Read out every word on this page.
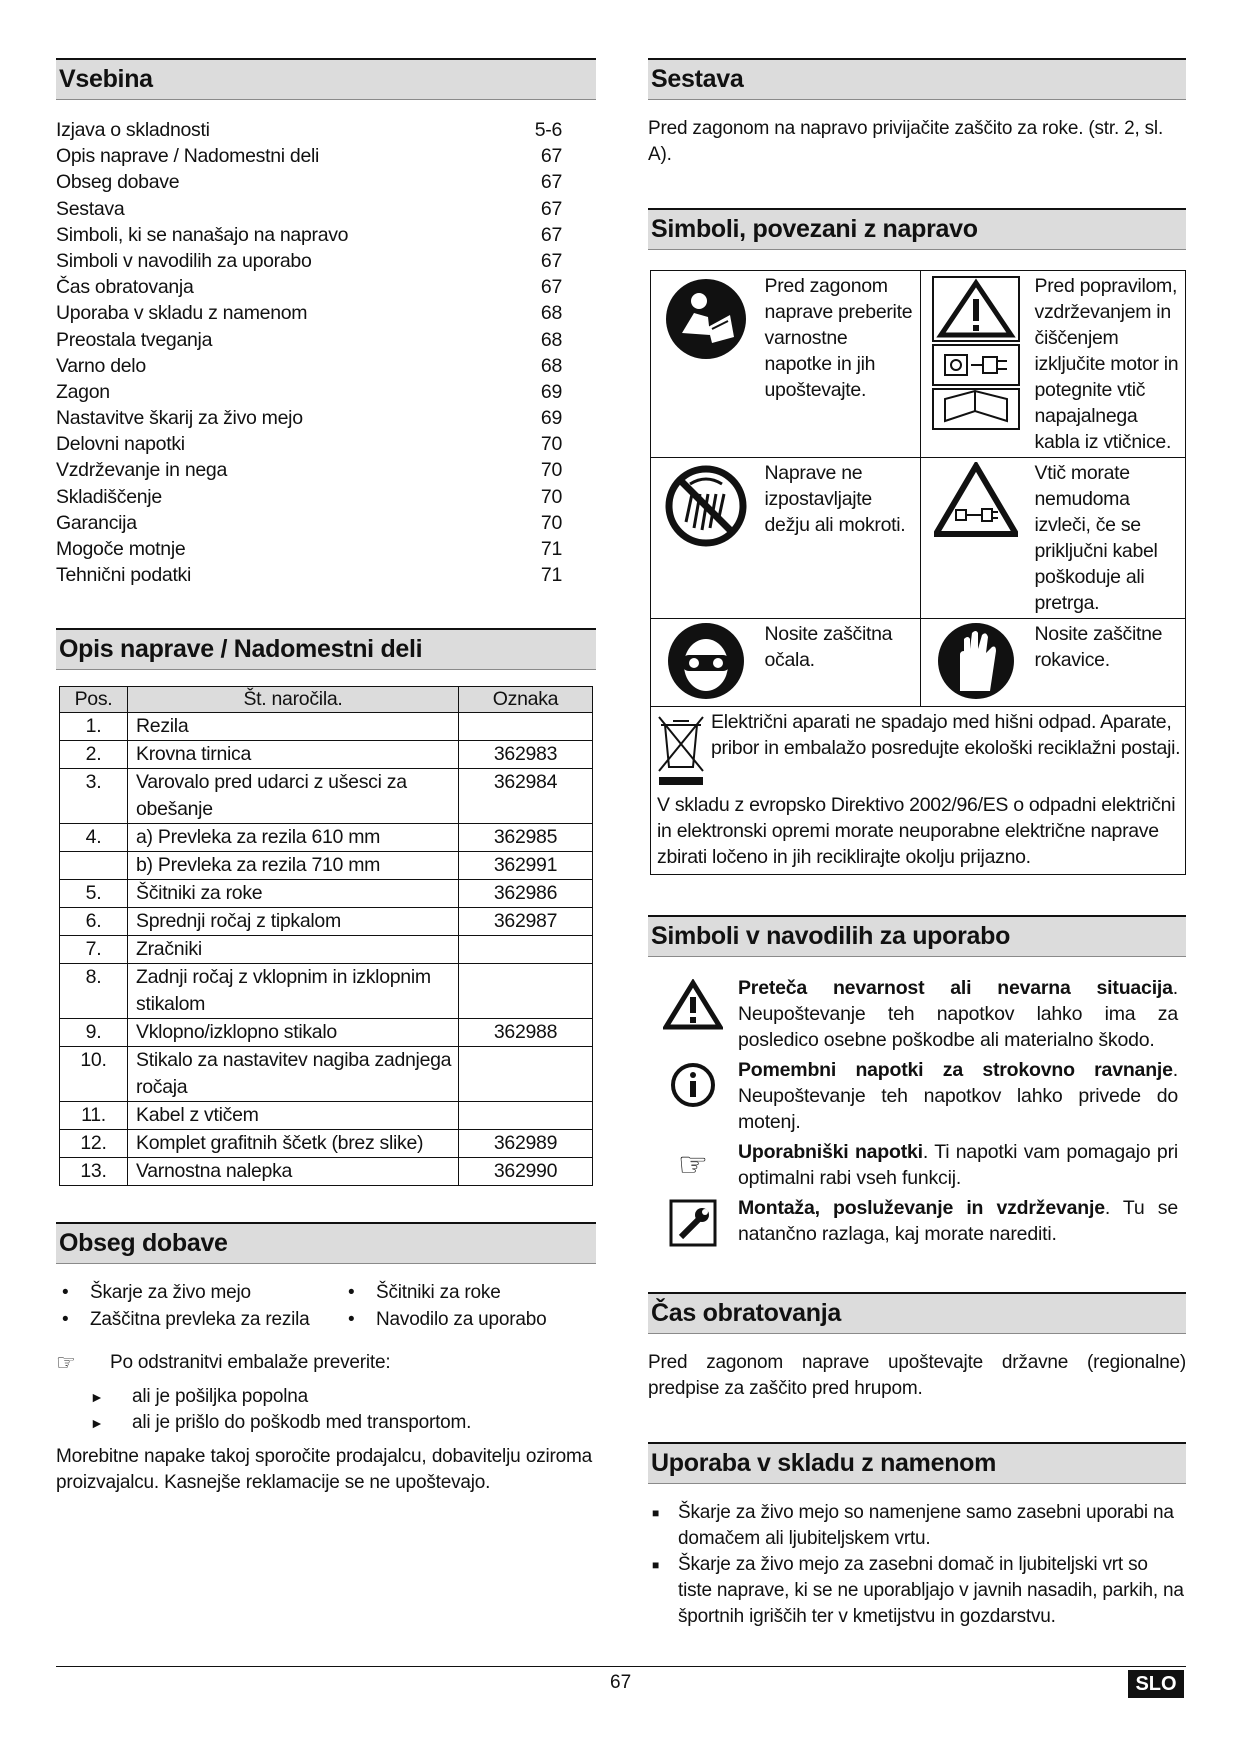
Vsebina
Izjava o skladnosti	5-6
Opis naprave / Nadomestni deli	67
Obseg dobave	67
Sestava	67
Simboli, ki se nanašajo na napravo	67
Simboli v navodilih za uporabo	67
Čas obratovanja	67
Uporaba v skladu z namenom	68
Preostala tveganja	68
Varno delo	68
Zagon	69
Nastavitve škarij za živo mejo	69
Delovni napotki	70
Vzdrževanje in nega	70
Skladiščenje	70
Garancija	70
Mogoče motnje	71
Tehnični podatki	71
Opis naprave / Nadomestni deli
Pos.	Št. naročila.	Oznaka
1.	Rezila	
2.	Krovna tirnica	362983
3.	Varovalo pred udarci z ušesci za obešanje	362984
4.	a) Prevleka za rezila 610 mm	362985
	b) Prevleka za rezila 710 mm	362991
5.	Ščitniki za roke	362986
6.	Sprednji ročaj z tipkalom	362987
7.	Zračniki	
8.	Zadnji ročaj z vklopnim in izklopnim stikalom	
9.	Vklopno/izklopno stikalo	362988
10.	Stikalo za nastavitev nagiba zadnjega ročaja	
11.	Kabel z vtičem	
12.	Komplet grafitnih ščetk (brez slike)	362989
13.	Varnostna nalepka	362990
Obseg dobave
• Škarje za živo mejo
• Zaščitna prevleka za rezila
• Ščitniki za roke
• Navodilo za uporabo
☞	Po odstranitvi embalaže preverite:
► ali je pošiljka popolna
► ali je prišlo do poškodb med transportom.

Morebitne napake takoj sporočite prodajalcu, dobavitelju oziroma proizvajalcu. Kasnejše reklamacije se ne upoštevajo.

Sestava

Pred zagonom na napravo privijačite zaščito za roke. (str. 2, sl. A).

Simboli, povezani z napravo
	Pred zagonom naprave preberite varnostne napotke in jih upoštevajte.		Pred popravilom, vzdrževanjem in čiščenjem izključite motor in potegnite vtič napajalnega kabla iz vtičnice.
	Naprave ne izpostavljajte dežju ali mokroti.		Vtič morate nemudoma izvleči, če se priključni kabel poškoduje ali pretrga.
	Nosite zaščitna očala.		Nosite zaščitne rokavice.

Električni aparati ne spadajo med hišni odpad. Aparate, pribor in embalažo posredujte ekološki reciklažni postaji.
V skladu z evropsko Direktivo 2002/96/ES o odpadni električni in elektronski opremi morate neuporabne električne naprave zbirati ločeno in jih reciklirajte okolju prijazno.			
Simboli v navodilih za uporabo
Preteča nevarnost ali nevarna situacija. Neupoštevanje teh napotkov lahko ima za posledico osebne poškodbe ali materialno škodo.
Pomembni napotki za strokovno ravnanje. Neupoštevanje teh napotkov lahko privede do motenj.
☞	Uporabniški napotki. Ti napotki vam pomagajo pri optimalni rabi vseh funkcij.
Montaža, posluževanje in vzdrževanje. Tu se natančno razlaga, kaj morate narediti.
Čas obratovanja

Pred zagonom naprave upoštevajte državne (regionalne) predpise za zaščito pred hrupom.

Uporaba v skladu z namenom
■ Škarje za živo mejo so namenjene samo zasebni uporabi na domačem ali ljubiteljskem vrtu.
■ Škarje za živo mejo za zasebni domač in ljubiteljski vrt so tiste naprave, ki se ne uporabljajo v javnih nasadih, parkih, na športnih igriščih ter v kmetijstvu in gozdarstvu.
67	SLO
